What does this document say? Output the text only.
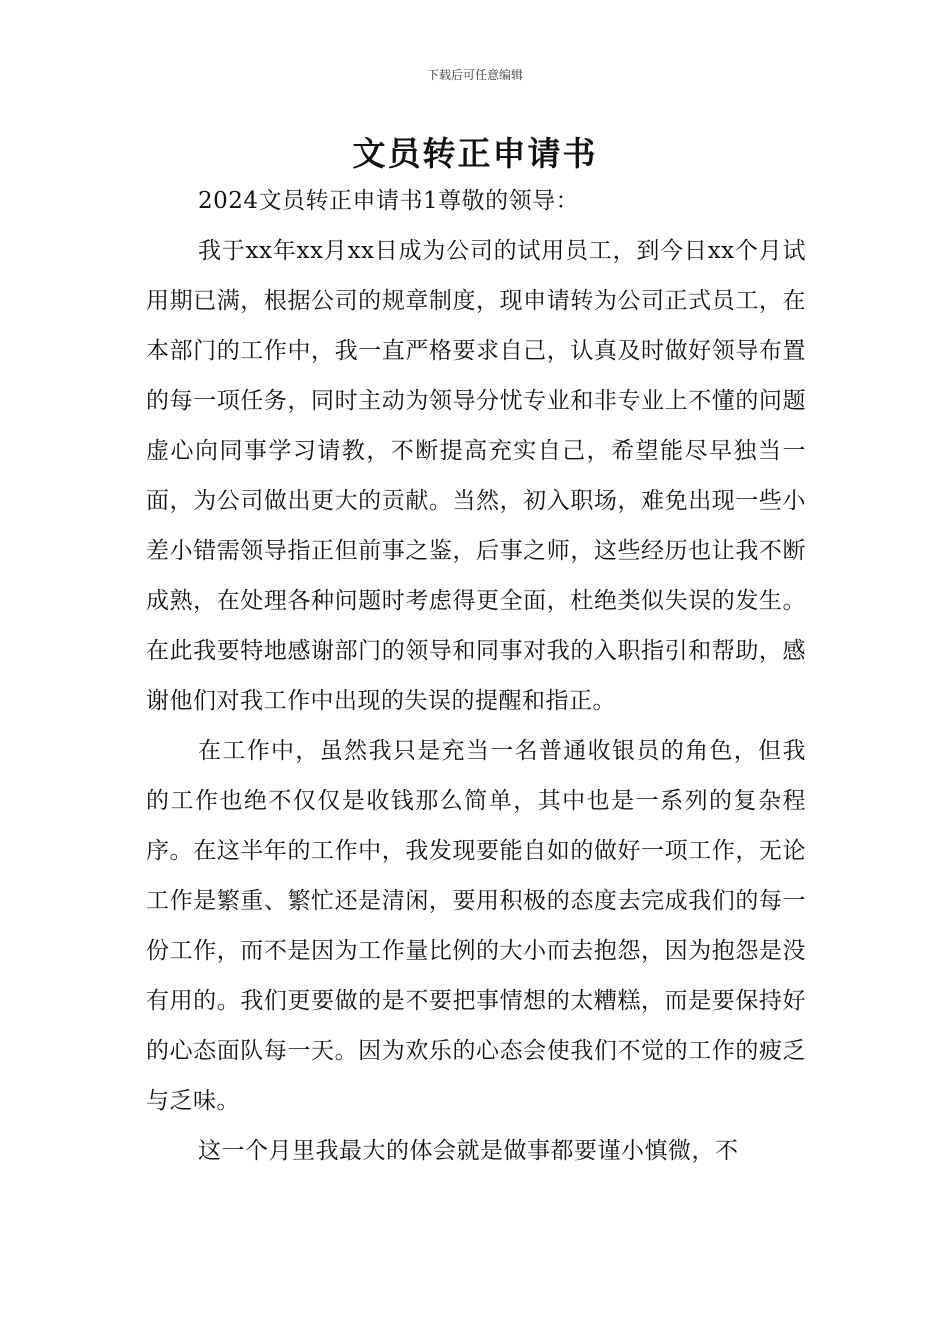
下载后可任意编辑
文员转正申请书

2024文员转正申请书1尊敬的领导：

我于xx年xx月xx日成为公司的试用员工，到今日xx个月试用期已满，根据公司的规章制度，现申请转为公司正式员工，在本部门的工作中，我一直严格要求自己，认真及时做好领导布置的每一项任务，同时主动为领导分忧专业和非专业上不懂的问题虚心向同事学习请教，不断提高充实自己，希望能尽早独当一面，为公司做出更大的贡献。当然，初入职场，难免出现一些小差小错需领导指正但前事之鉴，后事之师，这些经历也让我不断成熟，在处理各种问题时考虑得更全面，杜绝类似失误的发生。在此我要特地感谢部门的领导和同事对我的入职指引和帮助，感谢他们对我工作中出现的失误的提醒和指正。

在工作中，虽然我只是充当一名普通收银员的角色，但我的工作也绝不仅仅是收钱那么简单，其中也是一系列的复杂程序。在这半年的工作中，我发现要能自如的做好一项工作，无论工作是繁重、繁忙还是清闲，要用积极的态度去完成我们的每一份工作，而不是因为工作量比例的大小而去抱怨，因为抱怨是没有用的。我们更要做的是不要把事情想的太糟糕，而是要保持好的心态面队每一天。因为欢乐的心态会使我们不觉的工作的疲乏与乏味。

这一个月里我最大的体会就是做事都要谨小慎微，不
